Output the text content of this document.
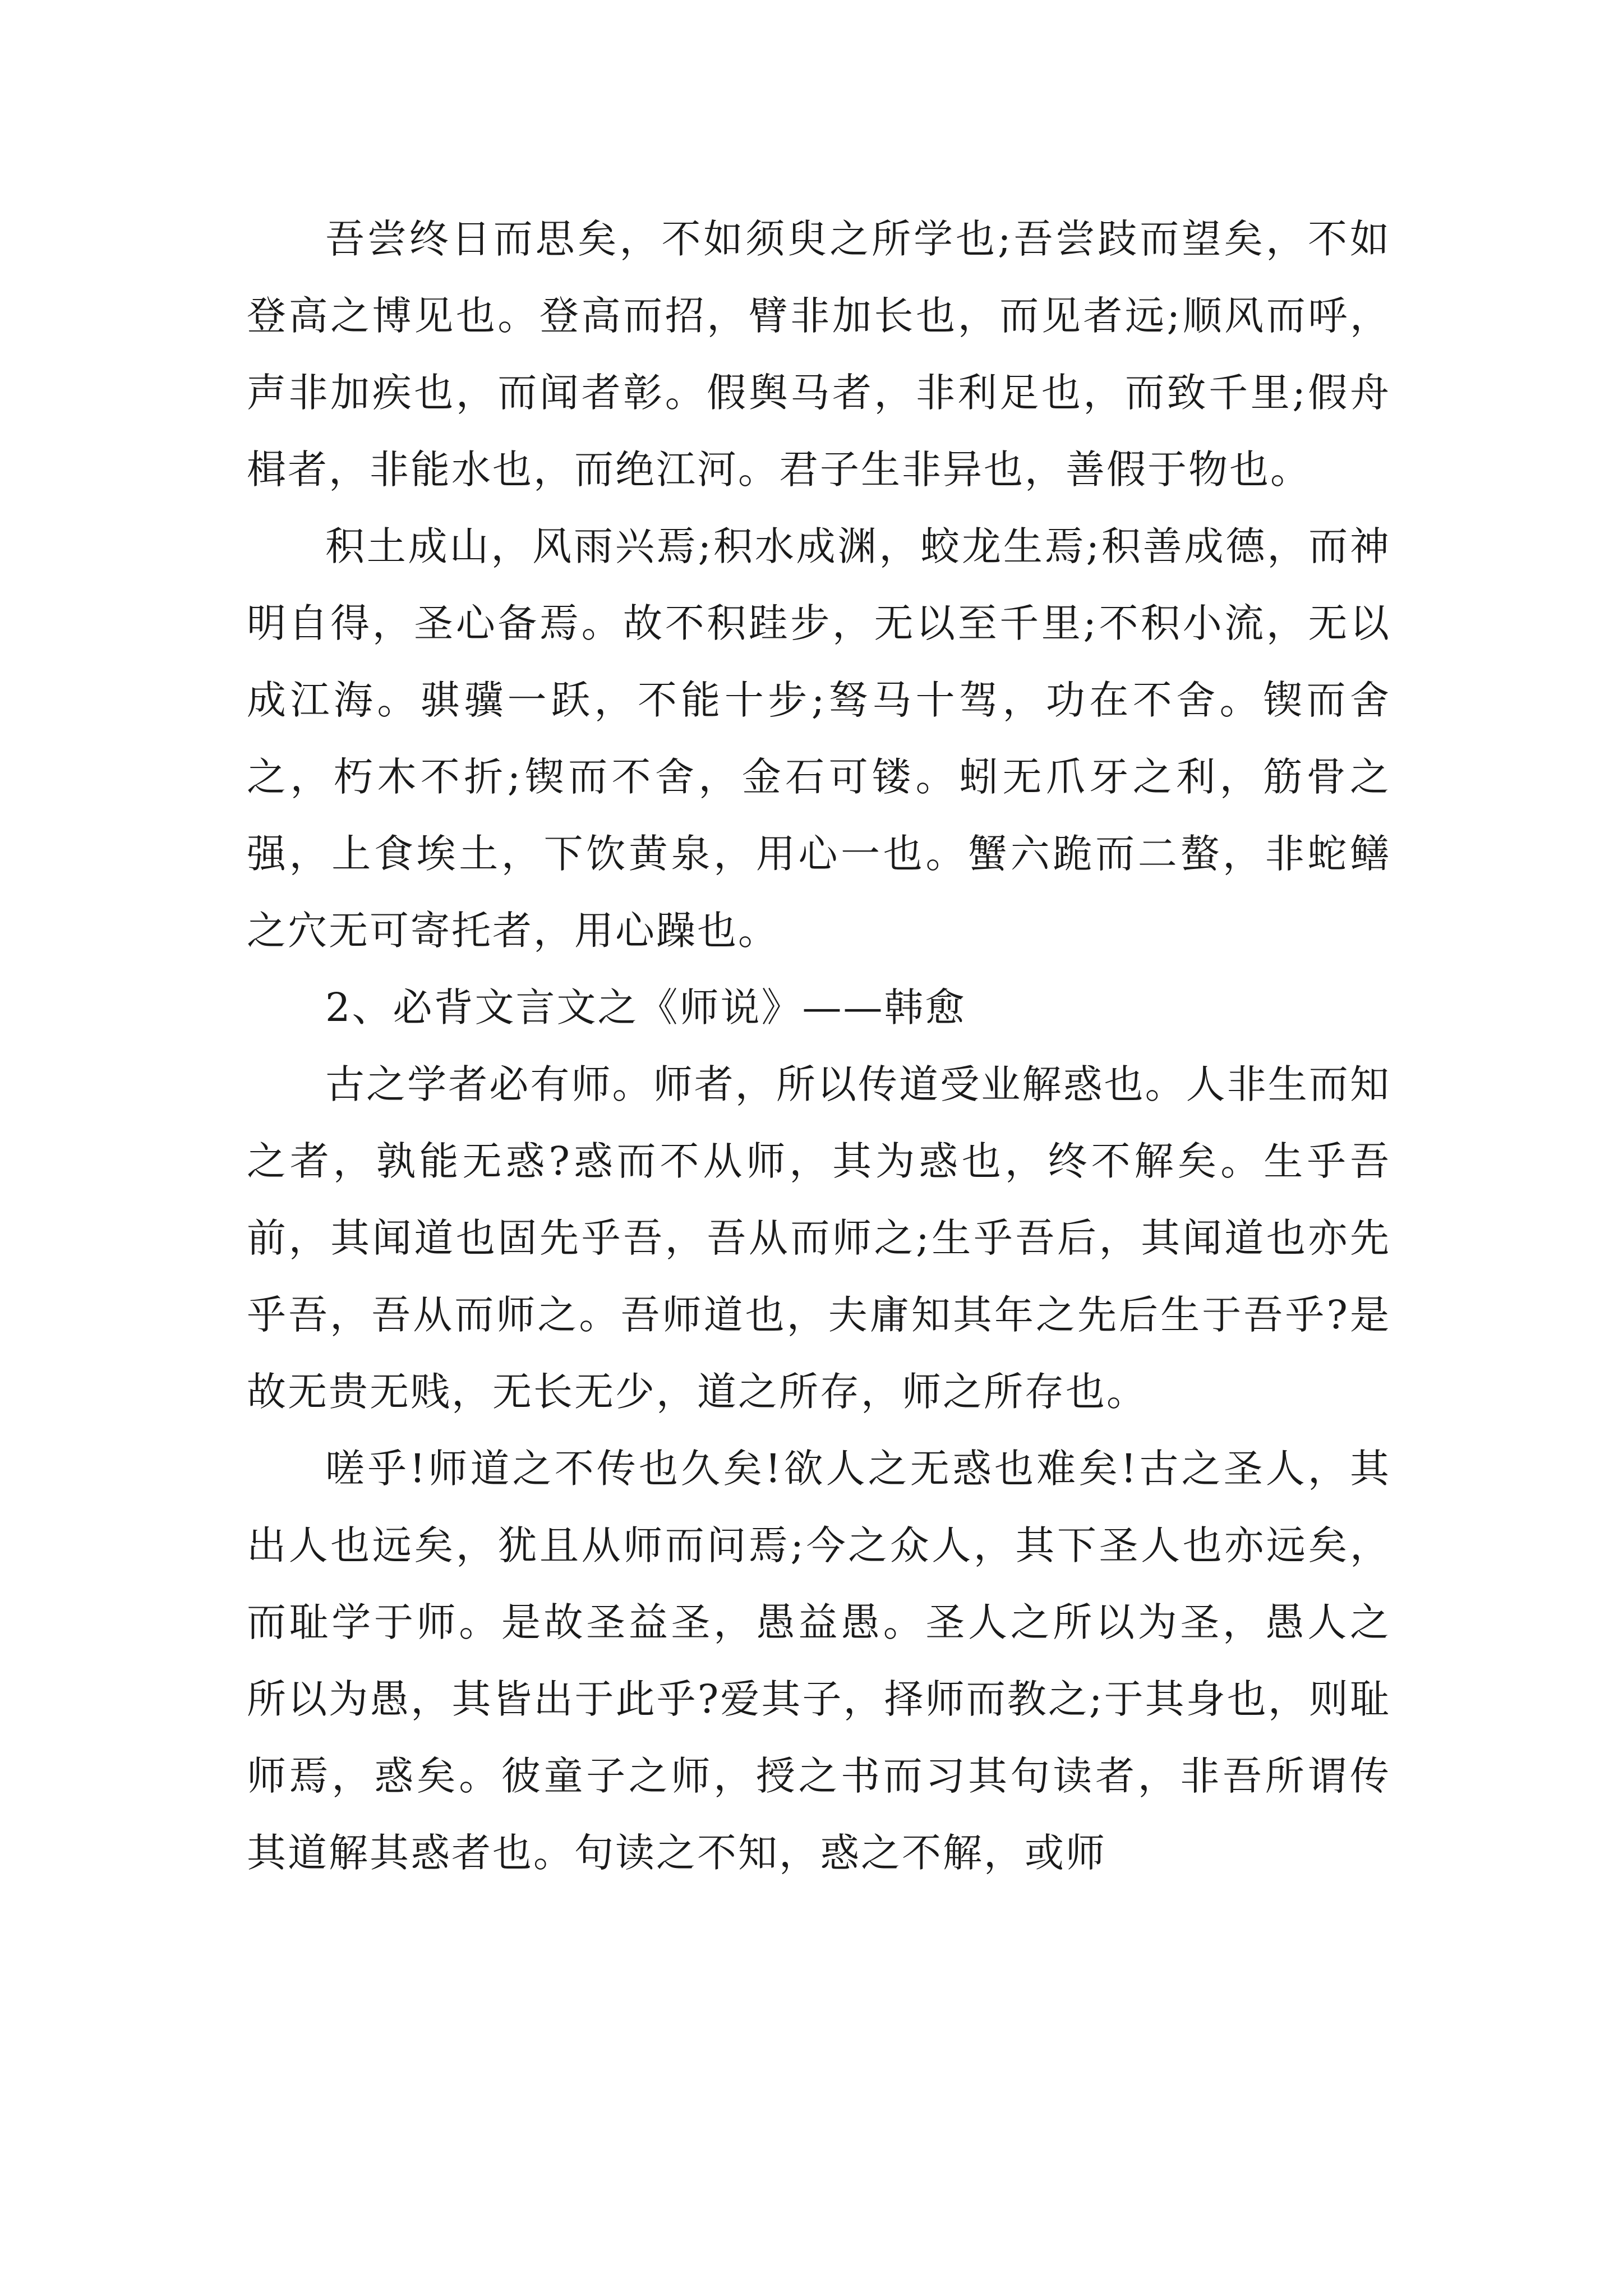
吾尝终日而思矣，不如须臾之所学也;吾尝跂而望矣，不如登高之博见也。登高而招，臂非加长也，而见者远;顺风而呼，声非加疾也，而闻者彰。假舆马者，非利足也，而致千里;假舟楫者，非能水也，而绝江河。君子生非异也，善假于物也。

积土成山，风雨兴焉;积水成渊，蛟龙生焉;积善成德，而神明自得，圣心备焉。故不积跬步，无以至千里;不积小流，无以成江海。骐骥一跃，不能十步;驽马十驾，功在不舍。锲而舍之，朽木不折;锲而不舍，金石可镂。蚓无爪牙之利，筋骨之强，上食埃土，下饮黄泉，用心一也。蟹六跪而二螯，非蛇鳝之穴无可寄托者，用心躁也。

2、必背文言文之《师说》——韩愈

古之学者必有师。师者，所以传道受业解惑也。人非生而知之者，孰能无惑?惑而不从师，其为惑也，终不解矣。生乎吾前，其闻道也固先乎吾，吾从而师之;生乎吾后，其闻道也亦先乎吾，吾从而师之。吾师道也，夫庸知其年之先后生于吾乎?是故无贵无贱，无长无少，道之所存，师之所存也。

嗟乎!师道之不传也久矣!欲人之无惑也难矣!古之圣人，其出人也远矣，犹且从师而问焉;今之众人，其下圣人也亦远矣，而耻学于师。是故圣益圣，愚益愚。圣人之所以为圣，愚人之所以为愚，其皆出于此乎?爱其子，择师而教之;于其身也，则耻师焉，惑矣。彼童子之师，授之书而习其句读者，非吾所谓传其道解其惑者也。句读之不知，惑之不解，或师
